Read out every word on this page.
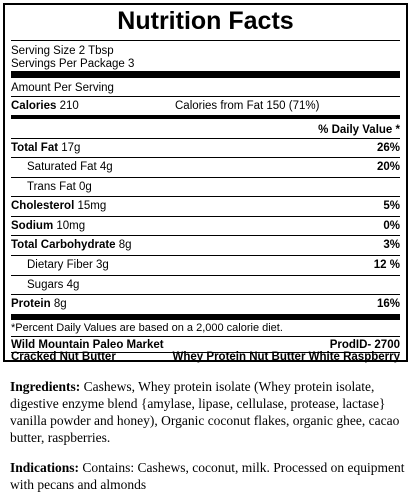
Nutrition Facts
Serving Size 2 Tbsp
Servings Per Package 3
Amount Per Serving
Calories 210	Calories from Fat 150 (71%)
% Daily Value *
Total Fat 17g	26%
Saturated Fat 4g	20%
Trans Fat 0g
Cholesterol 15mg	5%
Sodium 10mg	0%
Total Carbohydrate 8g	3%
Dietary Fiber 3g	12 %
Sugars 4g
Protein 8g	16%
*Percent Daily Values are based on a 2,000 calorie diet.
Wild Mountain Paleo Market	ProdID- 2700
Cracked Nut Butter	Whey Protein Nut Butter White Raspberry
Ingredients: Cashews, Whey protein isolate (Whey protein isolate, digestive enzyme blend {amylase, lipase, cellulase, protease, lactase} vanilla powder and honey), Organic coconut flakes, organic ghee, cacao butter, raspberries.
Indications: Contains: Cashews, coconut, milk. Processed on equipment with pecans and almonds
